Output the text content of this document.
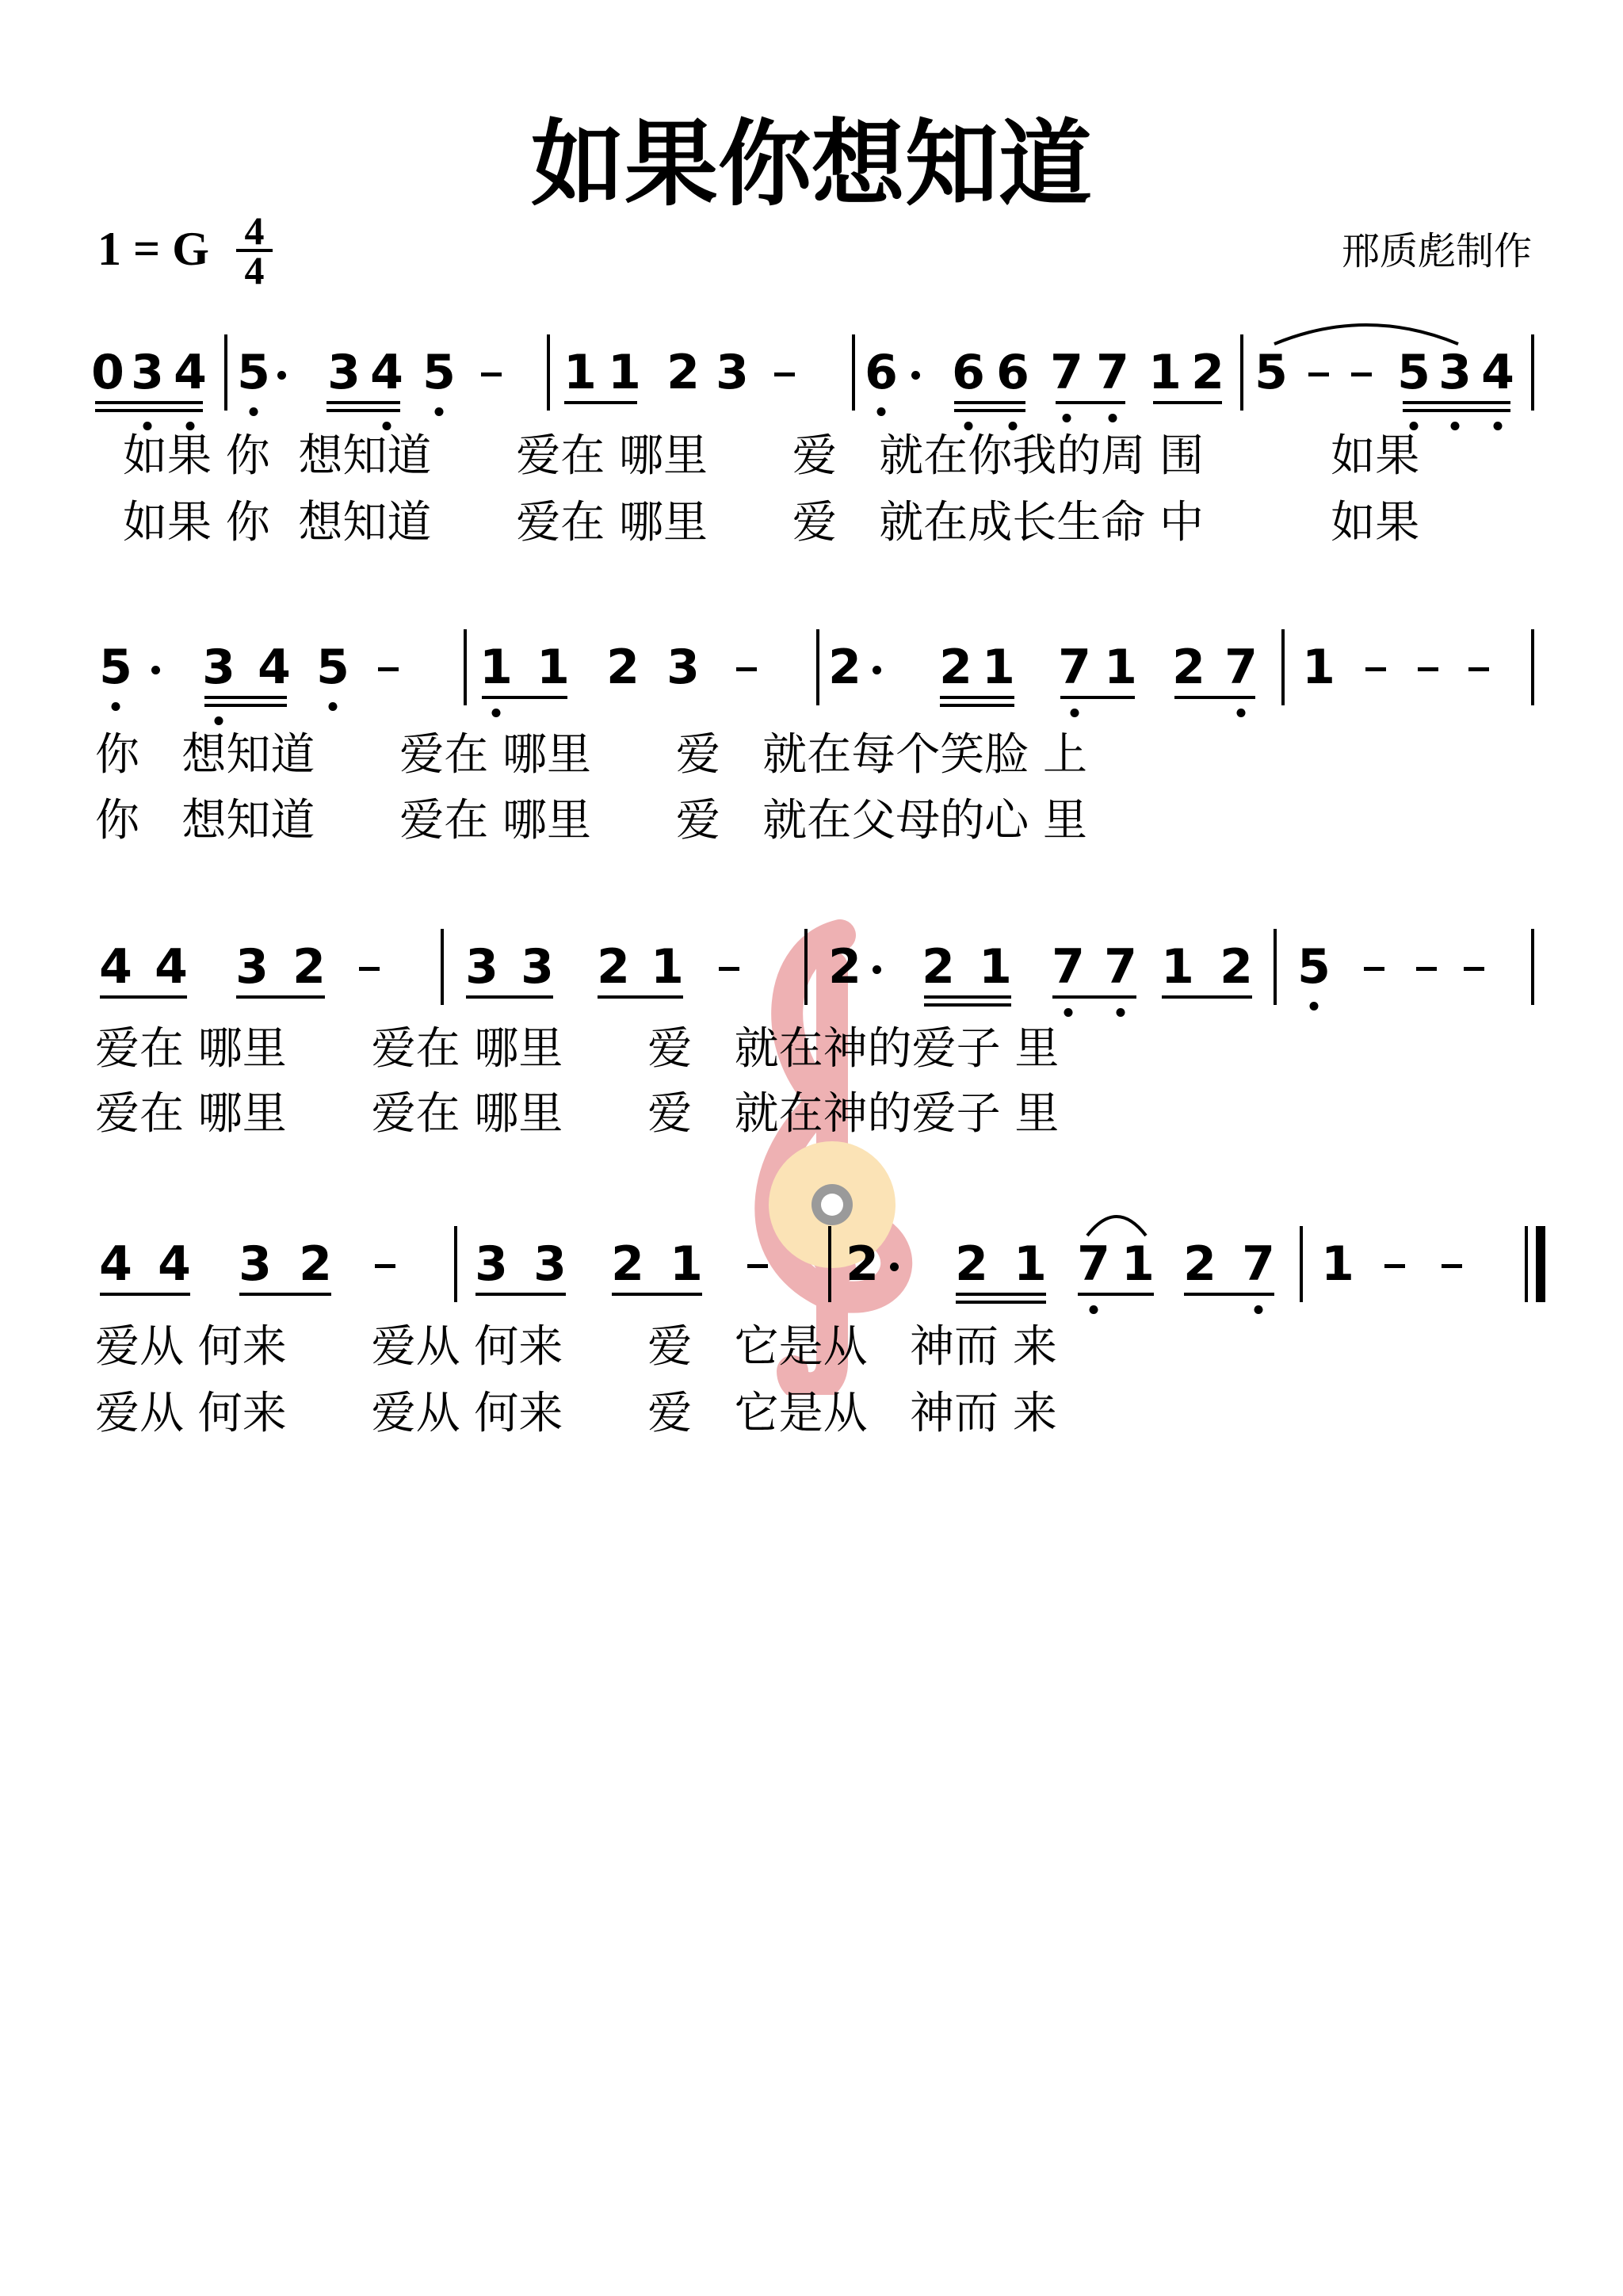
如果你想知道
1 = G 4
4	邢质彪制作
0 3 4 5 3 4 5 1 1 2 3 6 6 6 7 7 1 2 5 5 3 4
如果 你  想知道      爱在 哪里      爱   就在你我的周 围         如果
如果 你  想知道      爱在 哪里      爱   就在成长生命 中         如果
5 3 4 5	1 1 2 3	2 2 1 7 1 2 7 1
你   想知道      爱在 哪里      爱   就在每个笑脸 上
你   想知道      爱在 哪里      爱   就在父母的心 里
4 4 3 2	3 3 2 1	2 2 1 7 7 1 2 5
爱在 哪里      爱在 哪里      爱   就在神的爱子 里
爱在 哪里      爱在 哪里      爱   就在神的爱子 里
4 4 3 2	3 3 2 1	2 2 1 7 1 2 7 1
爱从 何来      爱从 何来      爱   它是从   神而 来
爱从 何来      爱从 何来      爱   它是从   神而 来
